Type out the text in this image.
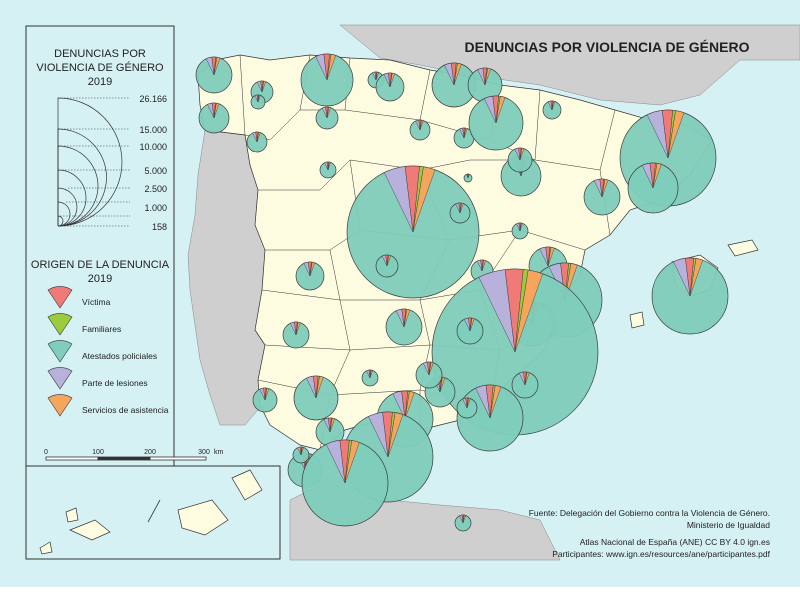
DENUNCIAS POR
VIOLENCIA DE GÉNERO
2019
26.166
15.000
10.000
5.000
2.500
1.000
158
ORIGEN DE LA DENUNCIA
2019
Víctima
Familiares
Atestados policiales
Parte de lesiones
Servicios de asistencia
0	100	200	300 km
DENUNCIAS POR VIOLENCIA DE GÉNERO
Fuente: Delegación del Gobierno contra la Violencia de Género.
Ministerio de Igualdad
Atlas Nacional de España (ANE) CC BY 4.0 ign.es
Participantes: www.ign.es/resources/ane/participantes.pdf
